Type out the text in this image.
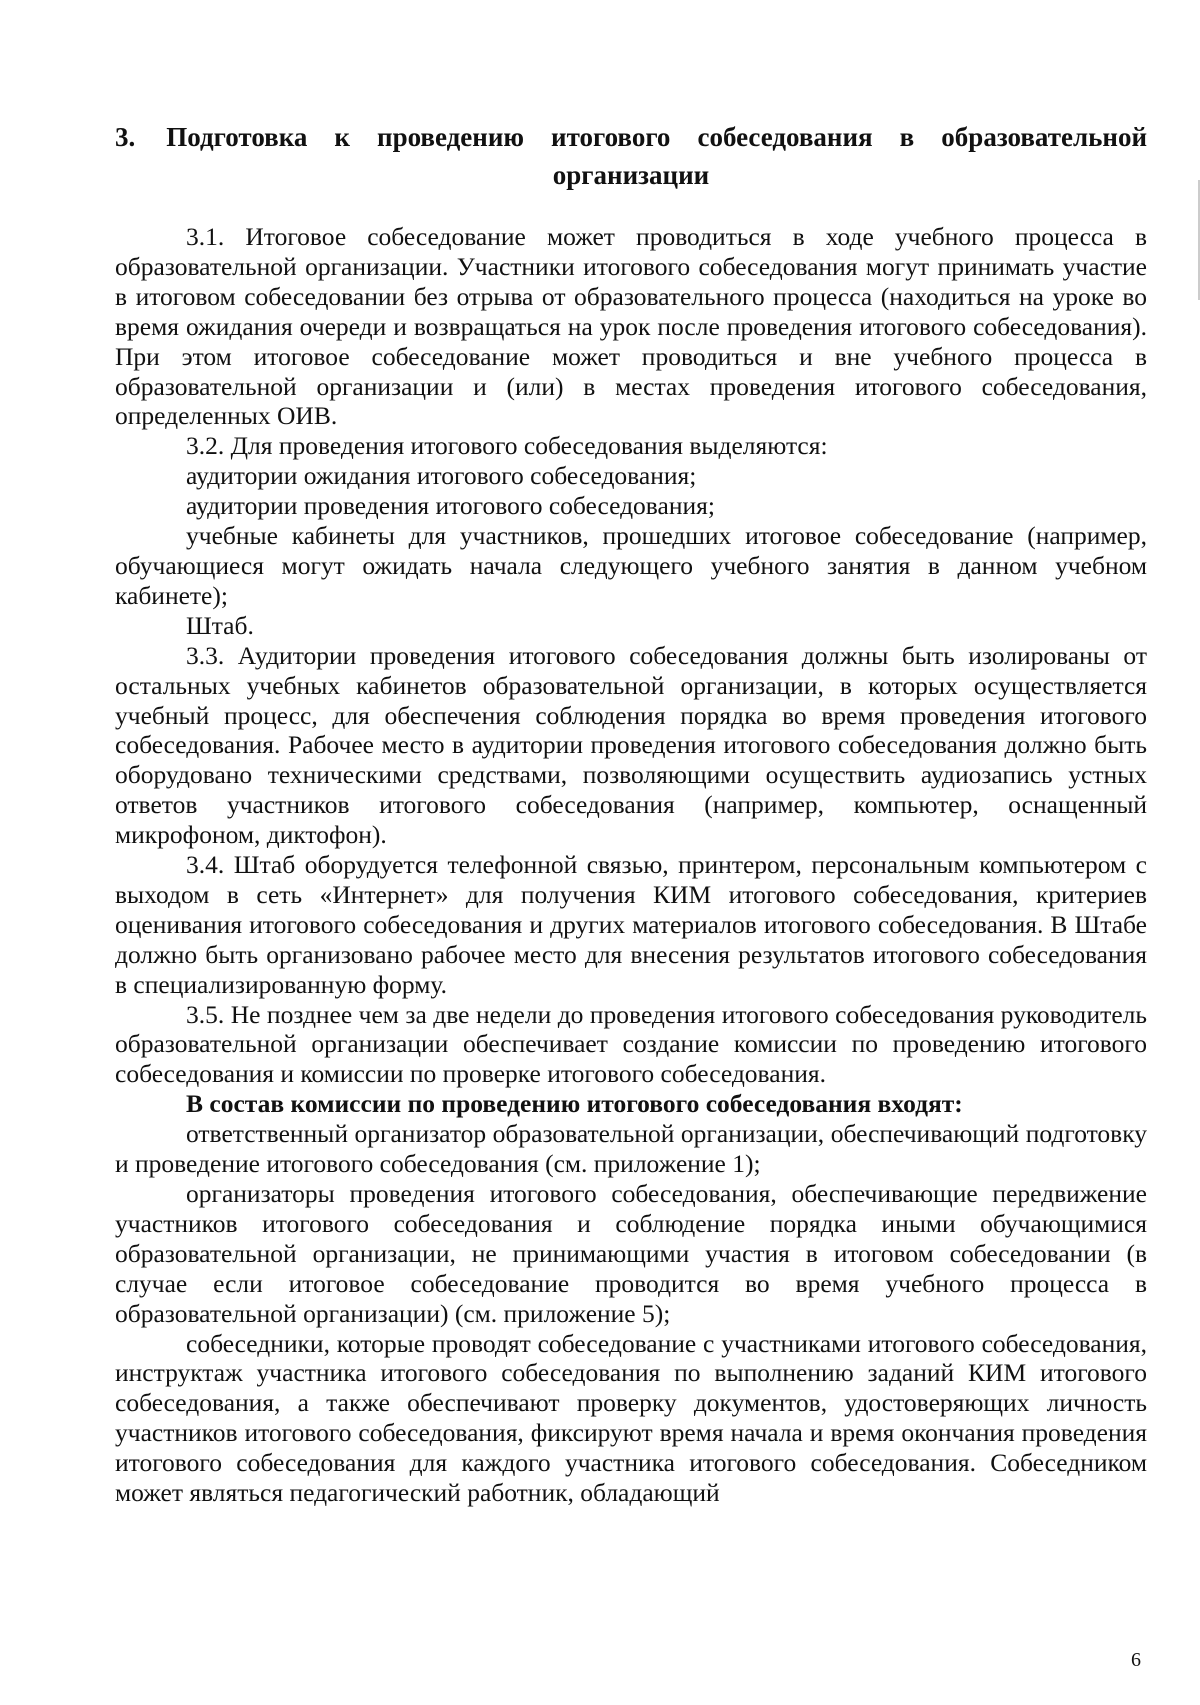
3. Подготовка к проведению итогового собеседования в образовательной организации

3.1. Итоговое собеседование может проводиться в ходе учебного процесса в образовательной организации. Участники итогового собеседования могут принимать участие в итоговом собеседовании без отрыва от образовательного процесса (находиться на уроке во время ожидания очереди и возвращаться на урок после проведения итогового собеседования). При этом итоговое собеседование может проводиться и вне учебного процесса в образовательной организации и (или) в местах проведения итогового собеседования, определенных ОИВ.

3.2. Для проведения итогового собеседования выделяются:

аудитории ожидания итогового собеседования;

аудитории проведения итогового собеседования;

учебные кабинеты для участников, прошедших итоговое собеседование (например, обучающиеся могут ожидать начала следующего учебного занятия в данном учебном кабинете);

Штаб.

3.3. Аудитории проведения итогового собеседования должны быть изолированы от остальных учебных кабинетов образовательной организации, в которых осуществляется учебный процесс, для обеспечения соблюдения порядка во время проведения итогового собеседования. Рабочее место в аудитории проведения итогового собеседования должно быть оборудовано техническими средствами, позволяющими осуществить аудиозапись устных ответов участников итогового собеседования (например, компьютер, оснащенный микрофоном, диктофон).

3.4. Штаб оборудуется телефонной связью, принтером, персональным компьютером с выходом в сеть «Интернет» для получения КИМ итогового собеседования, критериев оценивания итогового собеседования и других материалов итогового собеседования. В Штабе должно быть организовано рабочее место для внесения результатов итогового собеседования в специализированную форму.

3.5. Не позднее чем за две недели до проведения итогового собеседования руководитель образовательной организации обеспечивает создание комиссии по проведению итогового собеседования и комиссии по проверке итогового собеседования.

В состав комиссии по проведению итогового собеседования входят:

ответственный организатор образовательной организации, обеспечивающий подготовку и проведение итогового собеседования (см. приложение 1);

организаторы проведения итогового собеседования, обеспечивающие передвижение участников итогового собеседования и соблюдение порядка иными обучающимися образовательной организации, не принимающими участия в итоговом собеседовании (в случае если итоговое собеседование проводится во время учебного процесса в образовательной организации) (см. приложение 5);

собеседники, которые проводят собеседование с участниками итогового собеседования, инструктаж участника итогового собеседования по выполнению заданий КИМ итогового собеседования, а также обеспечивают проверку документов, удостоверяющих личность участников итогового собеседования, фиксируют время начала и время окончания проведения итогового собеседования для каждого участника итогового собеседования. Собеседником может являться педагогический работник, обладающий

6
